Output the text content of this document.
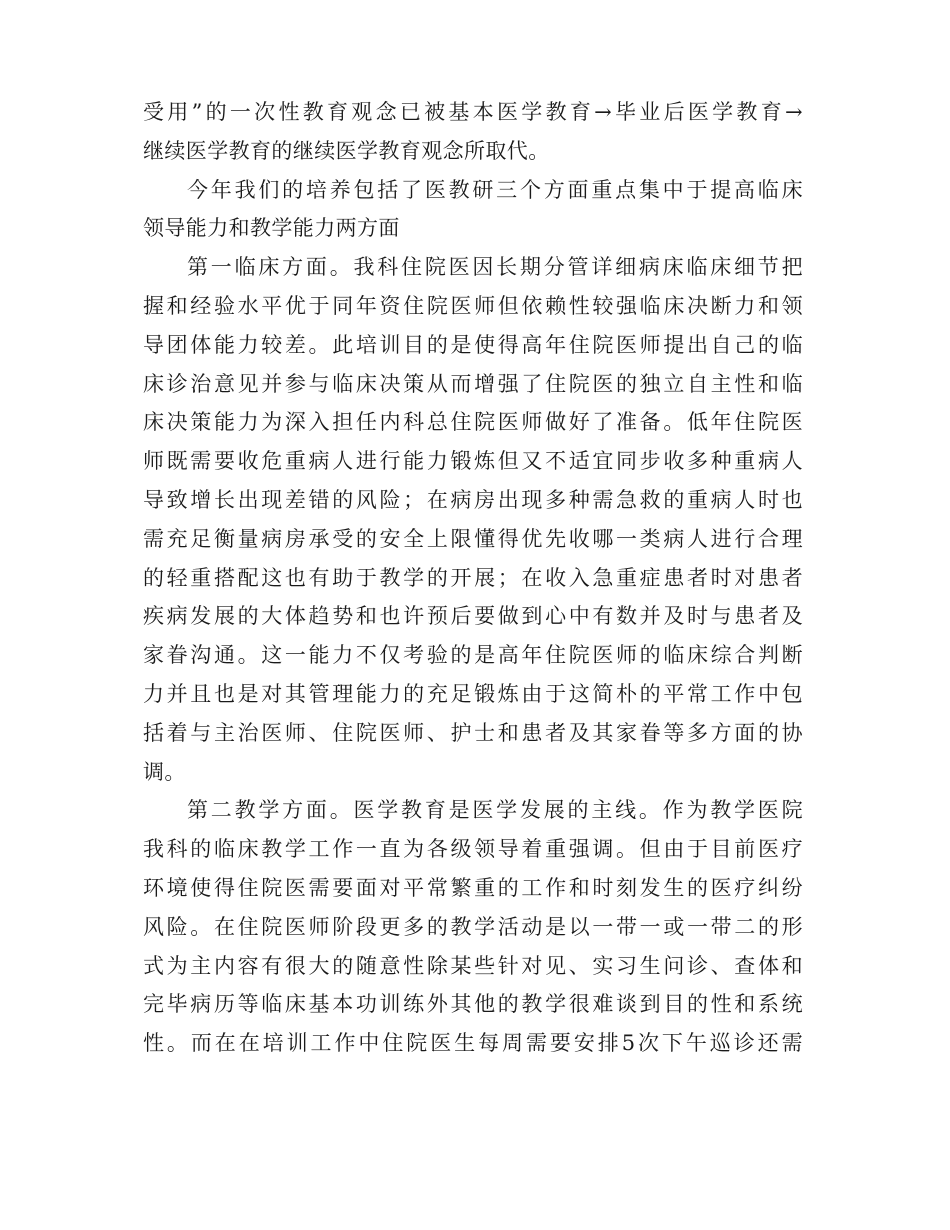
受用”的一次性教育观念已被基本医学教育→毕业后医学教育→
继续医学教育的继续医学教育观念所取代。
今年我们的培养包括了医教研三个方面重点集中于提高临床
领导能力和教学能力两方面
第一临床方面。我科住院医因长期分管详细病床临床细节把
握和经验水平优于同年资住院医师但依赖性较强临床决断力和领
导团体能力较差。此培训目的是使得高年住院医师提出自己的临
床诊治意见并参与临床决策从而增强了住院医的独立自主性和临
床决策能力为深入担任内科总住院医师做好了准备。低年住院医
师既需要收危重病人进行能力锻炼但又不适宜同步收多种重病人
导致增长出现差错的风险；在病房出现多种需急救的重病人时也
需充足衡量病房承受的安全上限懂得优先收哪一类病人进行合理
的轻重搭配这也有助于教学的开展；在收入急重症患者时对患者
疾病发展的大体趋势和也许预后要做到心中有数并及时与患者及
家眷沟通。这一能力不仅考验的是高年住院医师的临床综合判断
力并且也是对其管理能力的充足锻炼由于这简朴的平常工作中包
括着与主治医师、住院医师、护士和患者及其家眷等多方面的协
调。
第二教学方面。医学教育是医学发展的主线。作为教学医院
我科的临床教学工作一直为各级领导着重强调。但由于目前医疗
环境使得住院医需要面对平常繁重的工作和时刻发生的医疗纠纷
风险。在住院医师阶段更多的教学活动是以一带一或一带二的形
式为主内容有很大的随意性除某些针对见、实习生问诊、查体和
完毕病历等临床基本功训练外其他的教学很难谈到目的性和系统
性。而在在培训工作中住院医生每周需要安排5次下午巡诊还需
